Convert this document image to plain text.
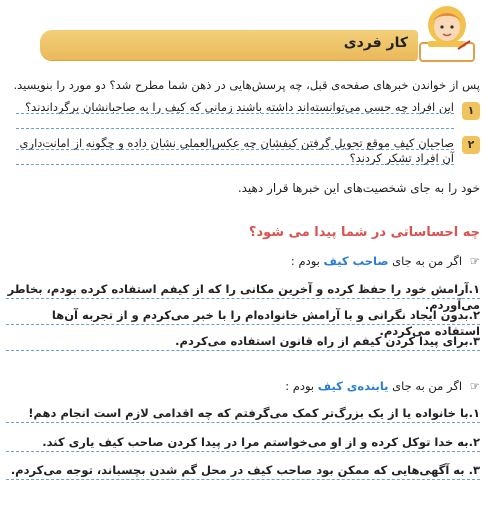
کار فردی
پس از خواندن خبرهای صفحه‌ی قبل، چه پرسش‌هایی در ذهن شما مطرح شد؟ دو مورد را بنویسید.
۱
این افراد چه حسی می‌توانسته‌اند داشته باشند زمانی که کیف را به صاحبانشان برگرداندند؟
۲
صاحبان کیف موقع تحویل گرفتن کیفشان چه عکس‌العملی نشان داده و چگونه از امانت‌داری آن افراد تشکر کردند؟
خود را به جای شخصیت‌های این خبرها قرار دهید.
چه احساساتی در شما پیدا می شود؟
☞ اگر من به جای صاحب کیف بودم :
۱.آرامش خود را حفظ کرده و آخرین مکانی را که از کیفم استفاده کرده بودم، بخاطر می‌آوردم.
۲.بدون ایجاد نگرانی و با آرامش خانواده‌ام را با خبر می‌کردم و از تجربه آن‌ها استفاده می‌کردم.
۳.برای پیدا کردن کیفم از راه قانون استفاده می‌کردم.
☞ اگر من به جای یابنده‌ی کیف بودم :
۱.با خانواده یا از یک بزرگ‌تر کمک می‌گرفتم که چه اقدامی لازم است انجام دهم!
۲.به خدا توکل کرده و از او می‌خواستم مرا در پیدا کردن صاحب کیف یاری کند.
۳. به آگهی‌هایی که ممکن بود صاحب کیف در محل گم شدن بچسباند، توجه می‌کردم.
